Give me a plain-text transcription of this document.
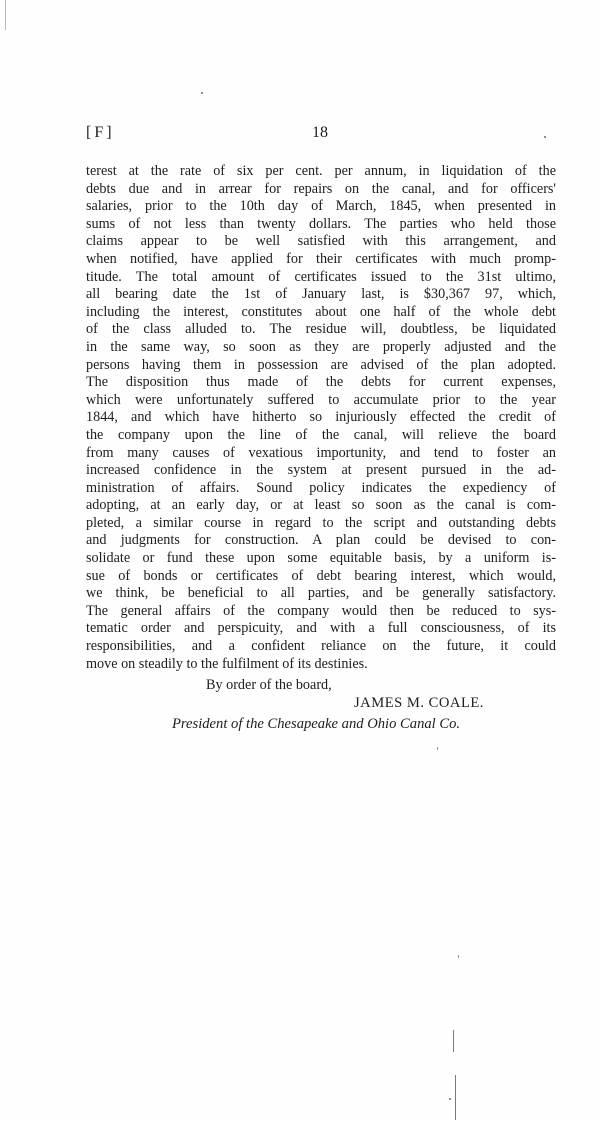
[F]	18
terest at the rate of six per cent. per annum, in liquidation of the
debts due and in arrear for repairs on the canal, and for officers'
salaries, prior to the 10th day of March, 1845, when presented in
sums of not less than twenty dollars. The parties who held those
claims appear to be well satisfied with this arrangement, and
when notified, have applied for their certificates with much promp-
titude. The total amount of certificates issued to the 31st ultimo,
all bearing date the 1st of January last, is $30,367 97, which,
including the interest, constitutes about one half of the whole debt
of the class alluded to. The residue will, doubtless, be liquidated
in the same way, so soon as they are properly adjusted and the
persons having them in possession are advised of the plan adopted.
The disposition thus made of the debts for current expenses,
which were unfortunately suffered to accumulate prior to the year
1844, and which have hitherto so injuriously effected the credit of
the company upon the line of the canal, will relieve the board
from many causes of vexatious importunity, and tend to foster an
increased confidence in the system at present pursued in the ad-
ministration of affairs. Sound policy indicates the expediency of
adopting, at an early day, or at least so soon as the canal is com-
pleted, a similar course in regard to the script and outstanding debts
and judgments for construction. A plan could be devised to con-
solidate or fund these upon some equitable basis, by a uniform is-
sue of bonds or certificates of debt bearing interest, which would,
we think, be beneficial to all parties, and be generally satisfactory.
The general affairs of the company would then be reduced to sys-
tematic order and perspicuity, and with a full consciousness, of its
responsibilities, and a confident reliance on the future, it could
move on steadily to the fulfilment of its destinies.
By order of the board,
JAMES M. COALE.
President of the Chesapeake and Ohio Canal Co.
